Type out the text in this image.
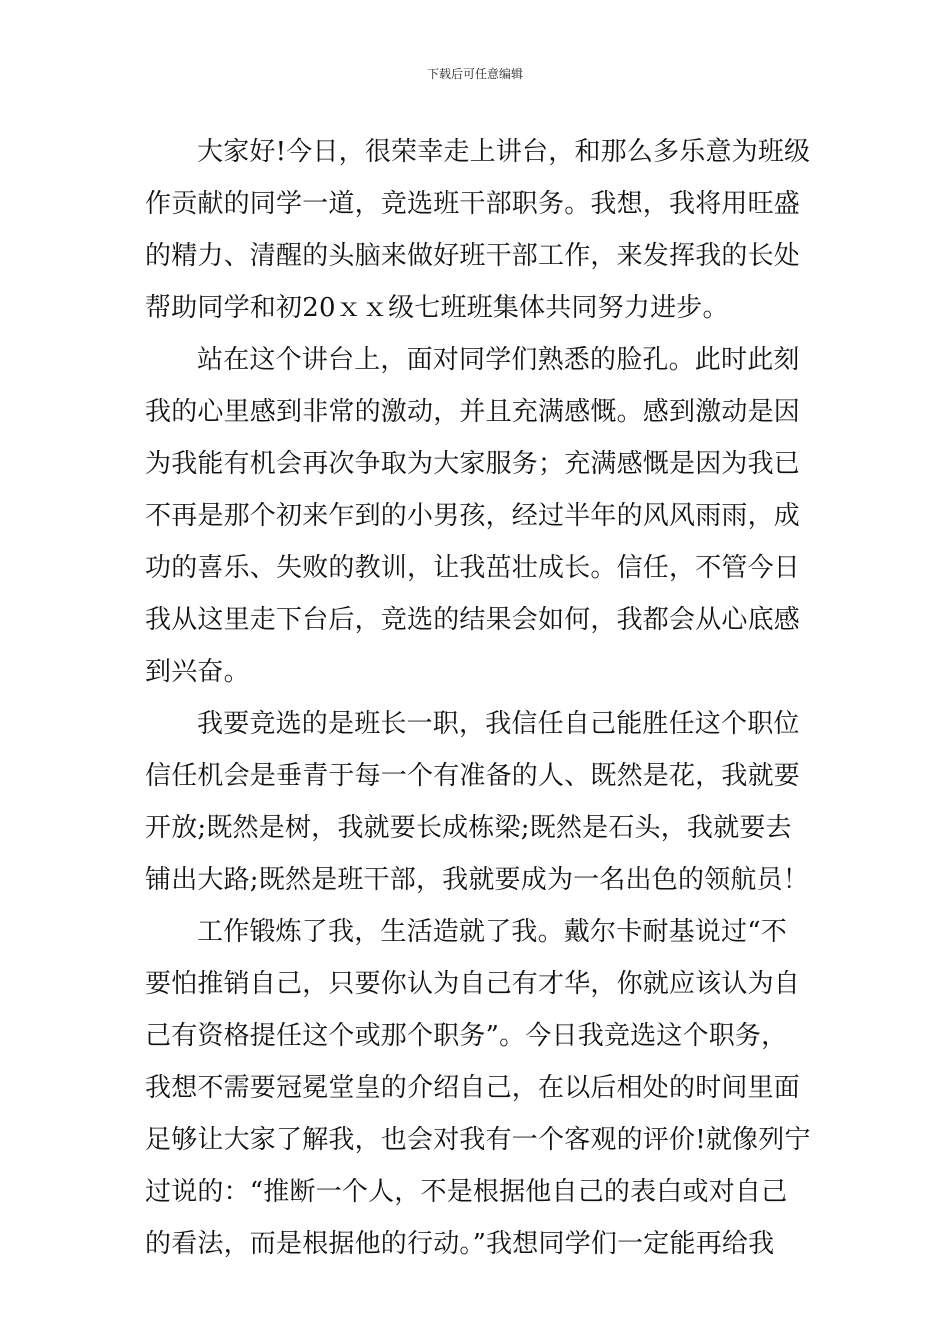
下载后可任意编辑
大家好!今日，很荣幸走上讲台，和那么多乐意为班级
作贡献的同学一道，竞选班干部职务。我想，我将用旺盛
的精力、清醒的头脑来做好班干部工作，来发挥我的长处
帮助同学和初20ｘｘ级七班班集体共同努力进步。
站在这个讲台上，面对同学们熟悉的脸孔。此时此刻
我的心里感到非常的激动，并且充满感慨。感到激动是因
为我能有机会再次争取为大家服务；充满感慨是因为我已
不再是那个初来乍到的小男孩，经过半年的风风雨雨，成
功的喜乐、失败的教训，让我茁壮成长。信任，不管今日
我从这里走下台后，竞选的结果会如何，我都会从心底感
到兴奋。
我要竞选的是班长一职，我信任自己能胜任这个职位
信任机会是垂青于每一个有准备的人、既然是花，我就要
开放;既然是树，我就要长成栋梁;既然是石头，我就要去
铺出大路;既然是班干部，我就要成为一名出色的领航员！
工作锻炼了我，生活造就了我。戴尔卡耐基说过“不
要怕推销自己，只要你认为自己有才华，你就应该认为自
己有资格提任这个或那个职务”。今日我竞选这个职务，
我想不需要冠冕堂皇的介绍自己，在以后相处的时间里面
足够让大家了解我，也会对我有一个客观的评价!就像列宁
过说的：“推断一个人，不是根据他自己的表白或对自己
的看法，而是根据他的行动。”我想同学们一定能再给我
